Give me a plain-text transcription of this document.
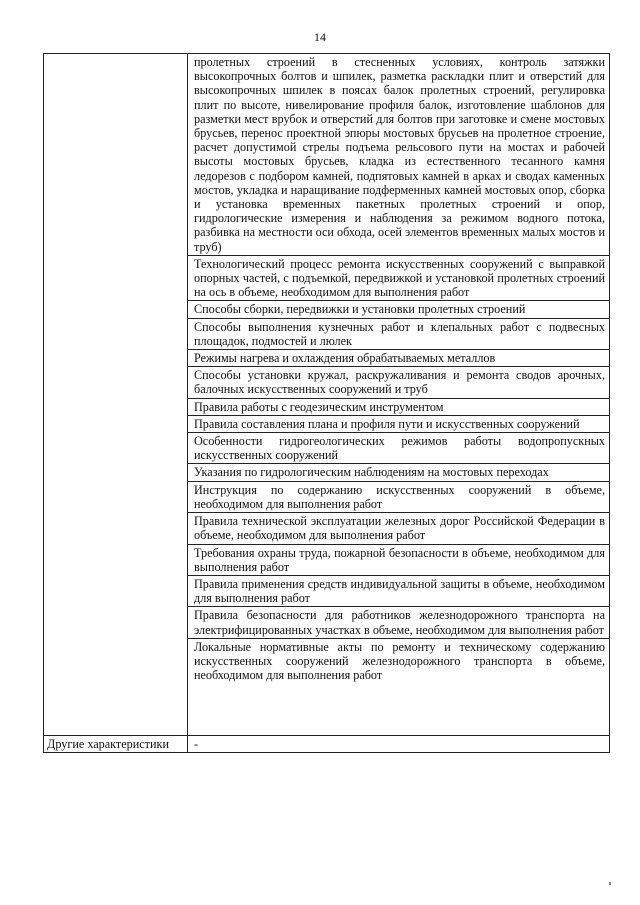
14
пролетных строений в стесненных условиях, контроль затяжки высокопрочных болтов и шпилек, разметка раскладки плит и отверстий для высокопрочных шпилек в поясах балок пролетных строений, регулировка плит по высоте, нивелирование профиля балок, изготовление шаблонов для разметки мест врубок и отверстий для болтов при заготовке и смене мостовых брусьев, перенос проектной эпюры мостовых брусьев на пролетное строение, расчет допустимой стрелы подъема рельсового пути на мостах и рабочей высоты мостовых брусьев, кладка из естественного тесанного камня ледорезов с подбором камней, подпятовых камней в арках и сводах каменных мостов, укладка и наращивание подферменных камней мостовых опор, сборка и установка временных пакетных пролетных строений и опор, гидрологические измерения и наблюдения за режимом водного потока, разбивка на местности оси обхода, осей элементов временных малых мостов и труб)
Технологический процесс ремонта искусственных сооружений с выправкой опорных частей, с подъемкой, передвижкой и установкой пролетных строений на ось в объеме, необходимом для выполнения работ
Способы сборки, передвижки и установки пролетных строений
Способы выполнения кузнечных работ и клепальных работ с подвесных площадок, подмостей и люлек
Режимы нагрева и охлаждения обрабатываемых металлов
Способы установки кружал, раскружаливания и ремонта сводов арочных, балочных искусственных сооружений и труб
Правила работы с геодезическим инструментом
Правила составления плана и профиля пути и искусственных сооружений
Особенности гидрогеологических режимов работы водопропускных искусственных сооружений
Указания по гидрологическим наблюдениям на мостовых переходах
Инструкция по содержанию искусственных сооружений в объеме, необходимом для выполнения работ
Правила технической эксплуатации железных дорог Российской Федерации в объеме, необходимом для выполнения работ
Требования охраны труда, пожарной безопасности в объеме, необходимом для выполнения работ
Правила применения средств индивидуальной защиты в объеме, необходимом для выполнения работ
Правила безопасности для работников железнодорожного транспорта на электрифицированных участках в объеме, необходимом для выполнения работ
Локальные нормативные акты по ремонту и техническому содержанию искусственных сооружений железнодорожного транспорта в объеме, необходимом для выполнения работ
Другие характеристики	-
